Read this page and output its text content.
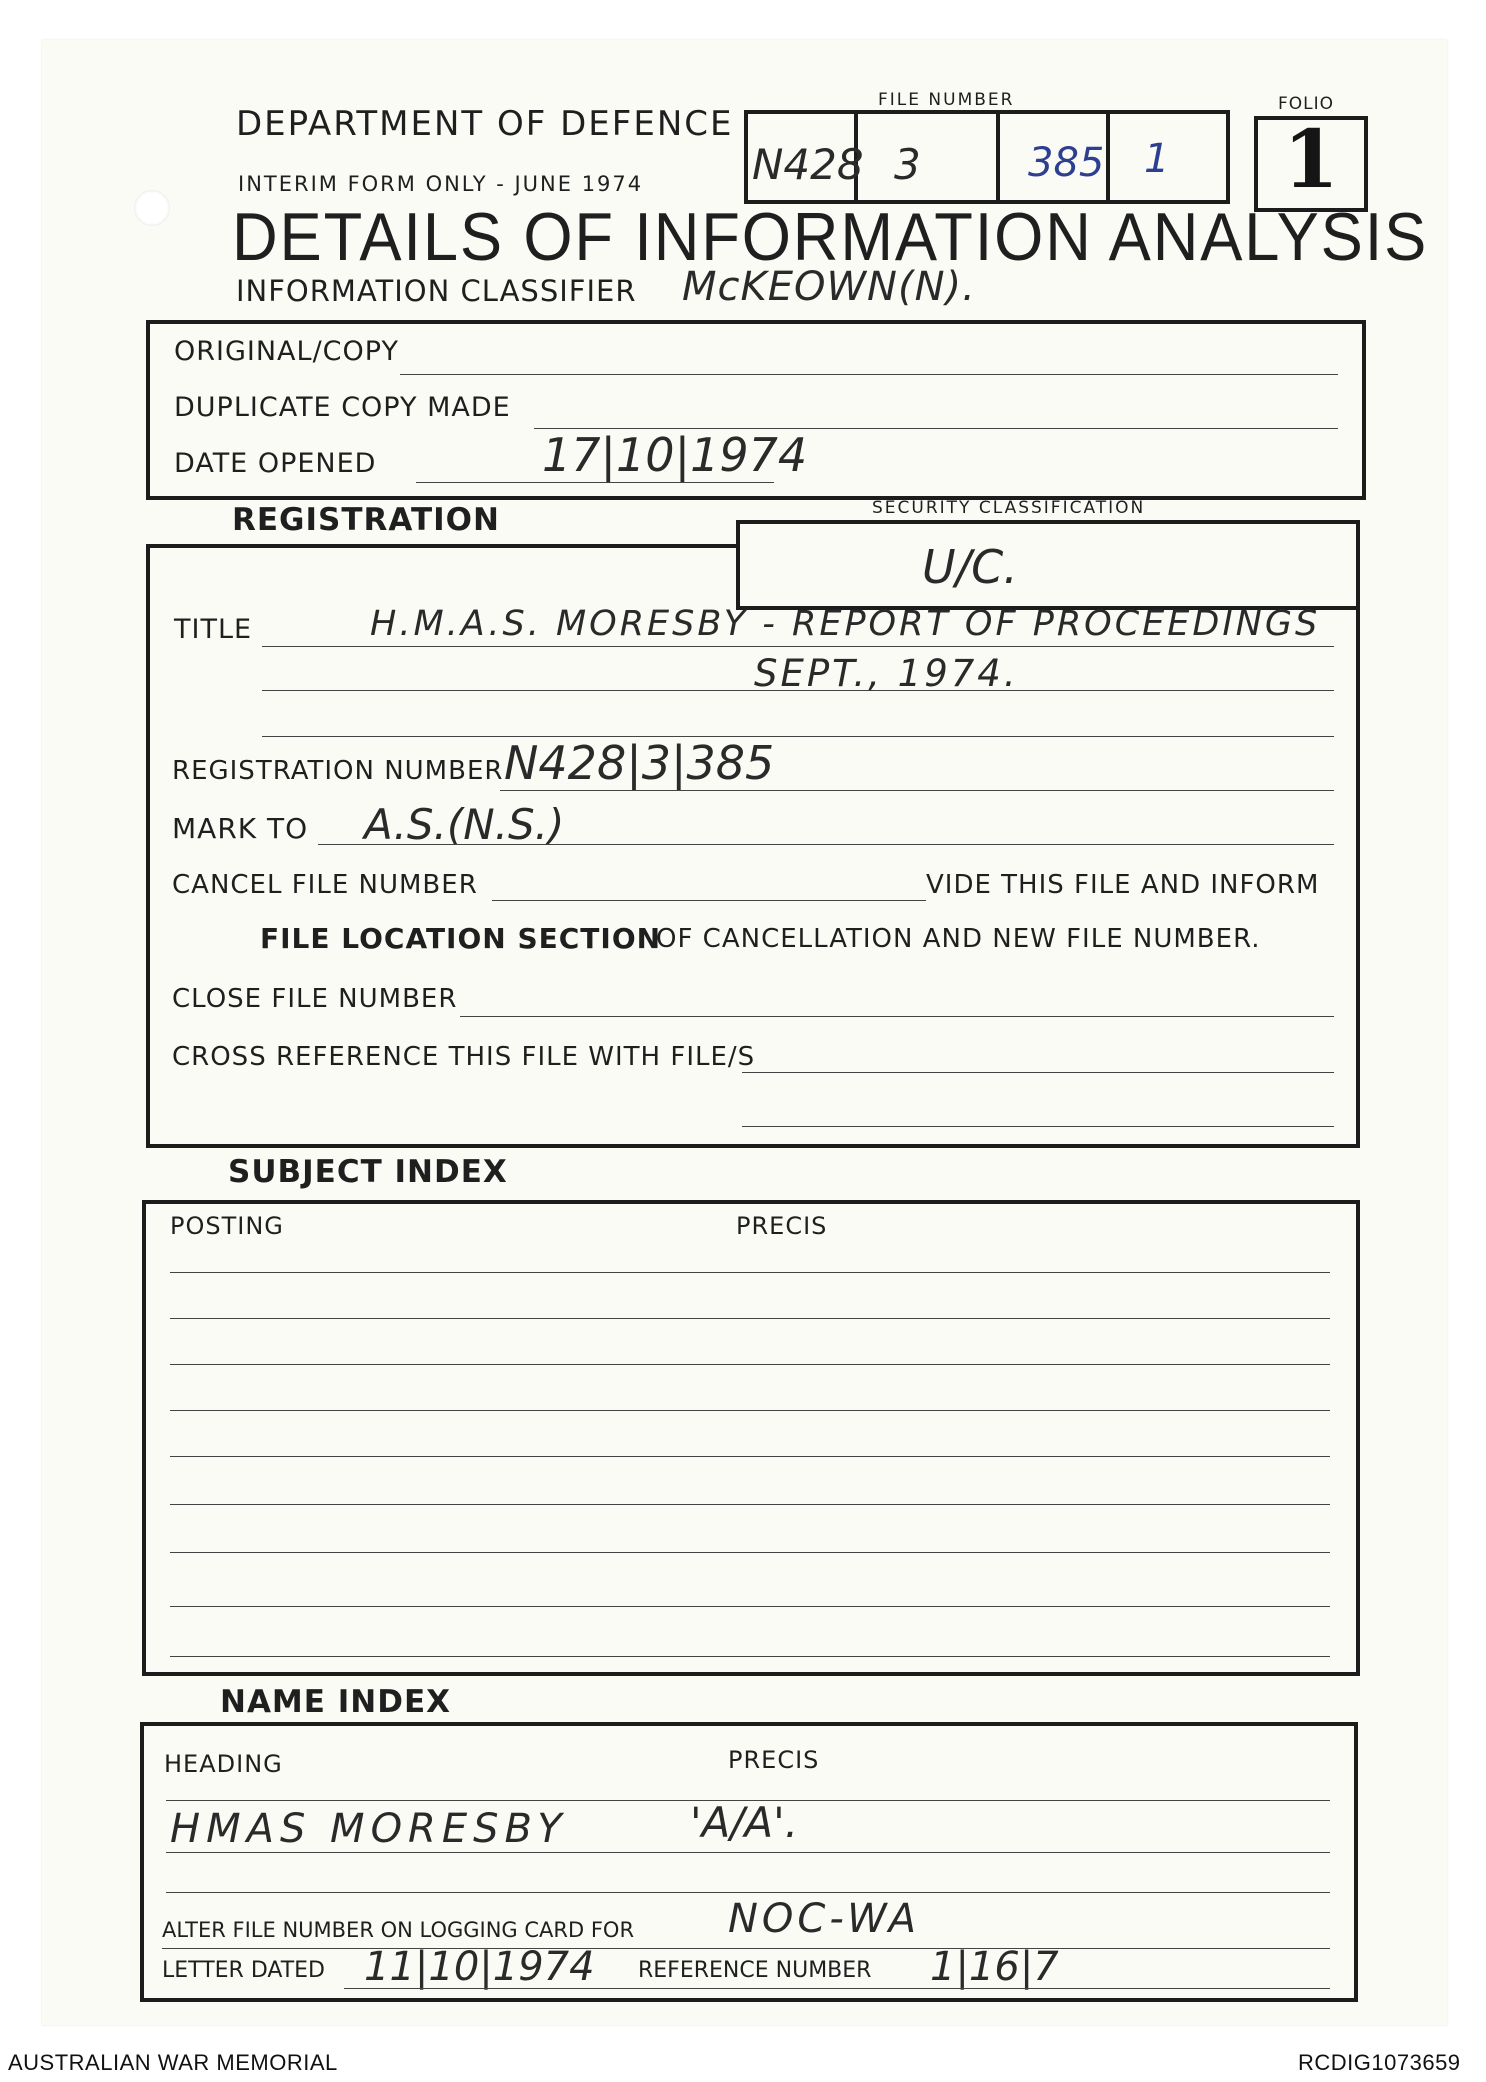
DEPARTMENT OF DEFENCE
INTERIM FORM ONLY - JUNE 1974
DETAILS OF INFORMATION ANALYSIS
INFORMATION CLASSIFIER McKEOWN(N).
FILE NUMBER
N428 3	385 1
FOLIO
1
ORIGINAL/COPY
DUPLICATE COPY MADE
DATE OPENED	17|10|1974
REGISTRATION	SECURITY CLASSIFICATION
U/C.
TITLE	H.M.A.S. MORESBY - REPORT OF PROCEEDINGS
SEPT., 1974.
REGISTRATION NUMBER N428|3|385
MARK TO A.S.(N.S.)
CANCEL FILE NUMBER	VIDE THIS FILE AND INFORM
FILE LOCATION SECTION
OF CANCELLATION AND NEW FILE NUMBER.
CLOSE FILE NUMBER
CROSS REFERENCE THIS FILE WITH FILE/S
SUBJECT INDEX
POSTING	PRECIS
NAME INDEX
HEADING	PRECIS
HMAS MORESBY	'A/A'.
ALTER FILE NUMBER ON LOGGING CARD FOR NOC-WA
LETTER DATED 11|10|1974 REFERENCE NUMBER 1|16|7
AUSTRALIAN WAR MEMORIAL	RCDIG1073659
